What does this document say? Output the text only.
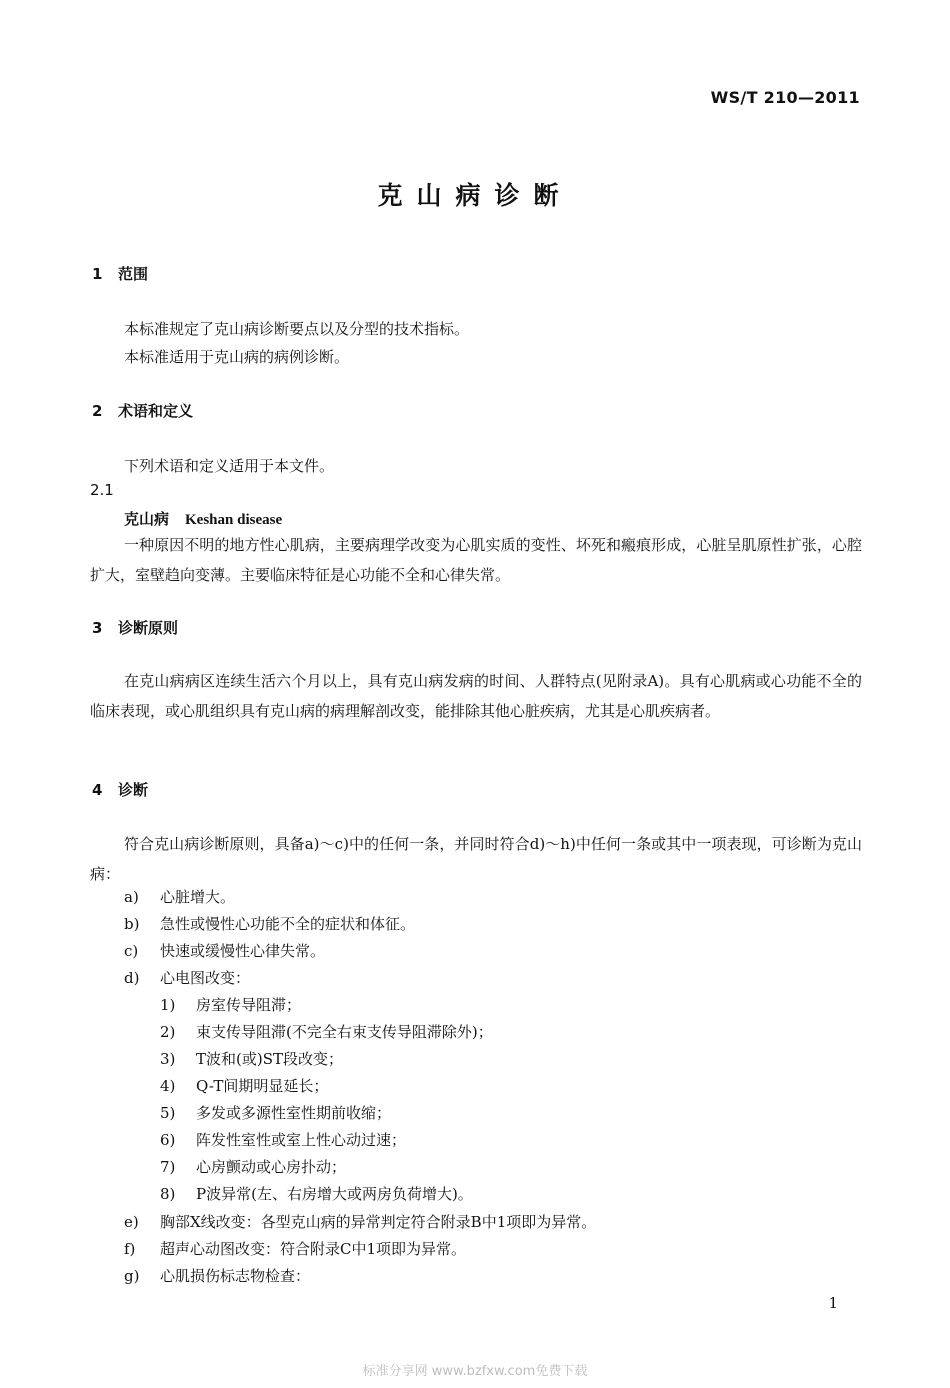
WS/T 210—2011
克山病诊断
1 范围
本标准规定了克山病诊断要点以及分型的技术指标。
本标准适用于克山病的病例诊断。
2 术语和定义
下列术语和定义适用于本文件。
2.1
克山病 Keshan disease
一种原因不明的地方性心肌病，主要病理学改变为心肌实质的变性、坏死和瘢痕形成，心脏呈肌原性扩张，心腔扩大，室壁趋向变薄。主要临床特征是心功能不全和心律失常。
3 诊断原则
在克山病病区连续生活六个月以上，具有克山病发病的时间、人群特点(见附录A)。具有心肌病或心功能不全的临床表现，或心肌组织具有克山病的病理解剖改变，能排除其他心脏疾病，尤其是心肌疾病者。
4 诊断
符合克山病诊断原则，具备a)～c)中的任何一条，并同时符合d)～h)中任何一条或其中一项表现，可诊断为克山病：
a) 心脏增大。
b) 急性或慢性心功能不全的症状和体征。
c) 快速或缓慢性心律失常。
d) 心电图改变：
1) 房室传导阻滞；
2) 束支传导阻滞(不完全右束支传导阻滞除外)；
3) T波和(或)ST段改变；
4) Q-T间期明显延长；
5) 多发或多源性室性期前收缩；
6) 阵发性室性或室上性心动过速；
7) 心房颤动或心房扑动；
8) P波异常(左、右房增大或两房负荷增大)。
e) 胸部X线改变：各型克山病的异常判定符合附录B中1项即为异常。
f) 超声心动图改变：符合附录C中1项即为异常。
g) 心肌损伤标志物检查：
1
标准分享网 www.bzfxw.com免费下载
